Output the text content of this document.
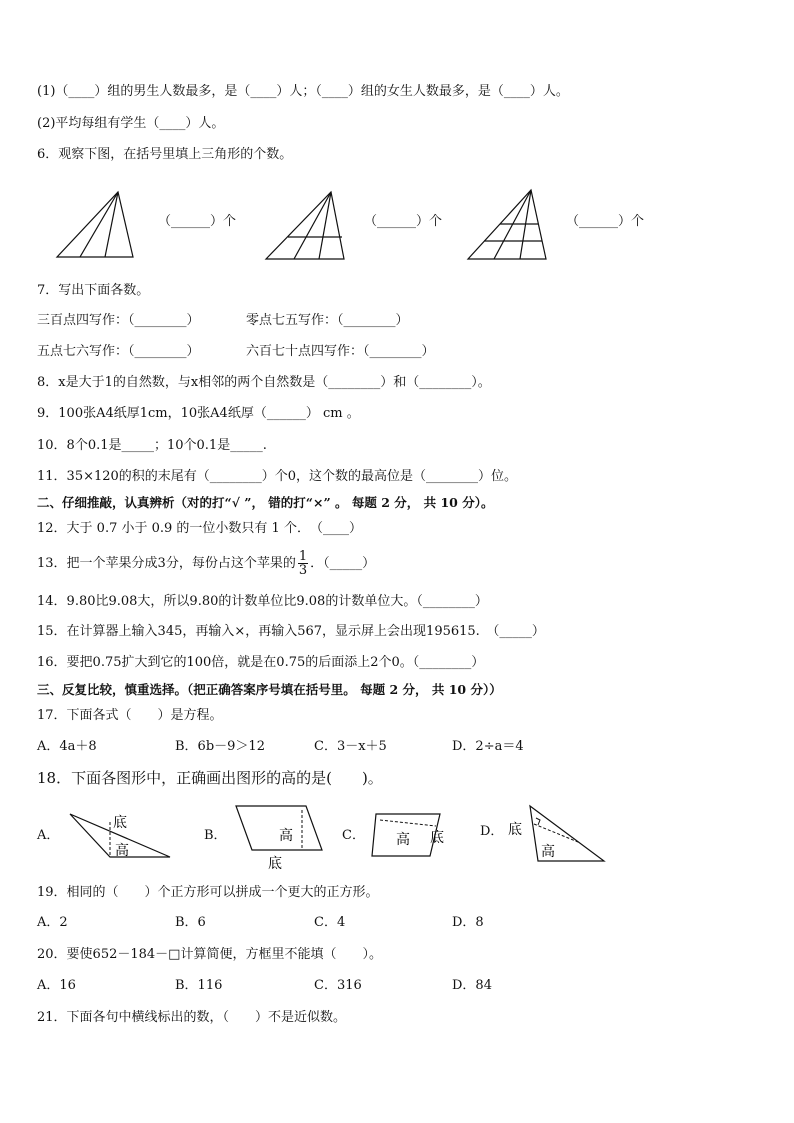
(1)（____）组的男生人数最多，是（____）人；（____）组的女生人数最多，是（____）人。
(2)平均每组有学生（____）人。
6．观察下图，在括号里填上三角形的个数。
（______）个	（______）个	（______）个
7．写出下面各数。
三百点四写作：（________）	零点七五写作：（________）
五点七六写作：（________）	六百七十点四写作：（________）
8．x是大于1的自然数，与x相邻的两个自然数是（________）和（________）。
9．100张A4纸厚1cm，10张A4纸厚（______） cm 。
10．8个0.1是_____；10个0.1是_____.
11．35×120的积的末尾有（________）个0，这个数的最高位是（________）位。
二、仔细推敲，认真辨析（对的打“√ ”， 错的打“×” 。 每题 2 分， 共 10 分）。
12．大于 0.7 小于 0.9 的一位小数只有 1 个．　（____）
13．把一个苹果分成3分，每份占这个苹果的 $\frac{1}{3}$ ．（_____）
14．9.80比9.08大，所以9.80的计数单位比9.08的计数单位大。（________）
15．在计算器上输入345，再输入×，再输入567，显示屏上会出现195615.　（_____）
16．要把0.75扩大到它的100倍，就是在0.75的后面添上2个0。（________）
三、反复比较，慎重选择。（把正确答案序号填在括号里。 每题 2 分， 共 10 分））
17．下面各式（　　）是方程。
A．4a＋8	B．6b－9＞12	C．3－x＋5	D．2÷a＝4
18．下面各图形中，正确画出图形的高的是(　　)。
A．
底
高
B．	高
底
C． 高 底	D． 底
高
19．相同的（　　）个正方形可以拼成一个更大的正方形。
A．2	B．6	C．4	D．8
20．要使652－184－□计算简便，方框里不能填（　　）。
A．16	B．116	C．316	D．84
21．下面各句中横线标出的数，（　　）不是近似数。
